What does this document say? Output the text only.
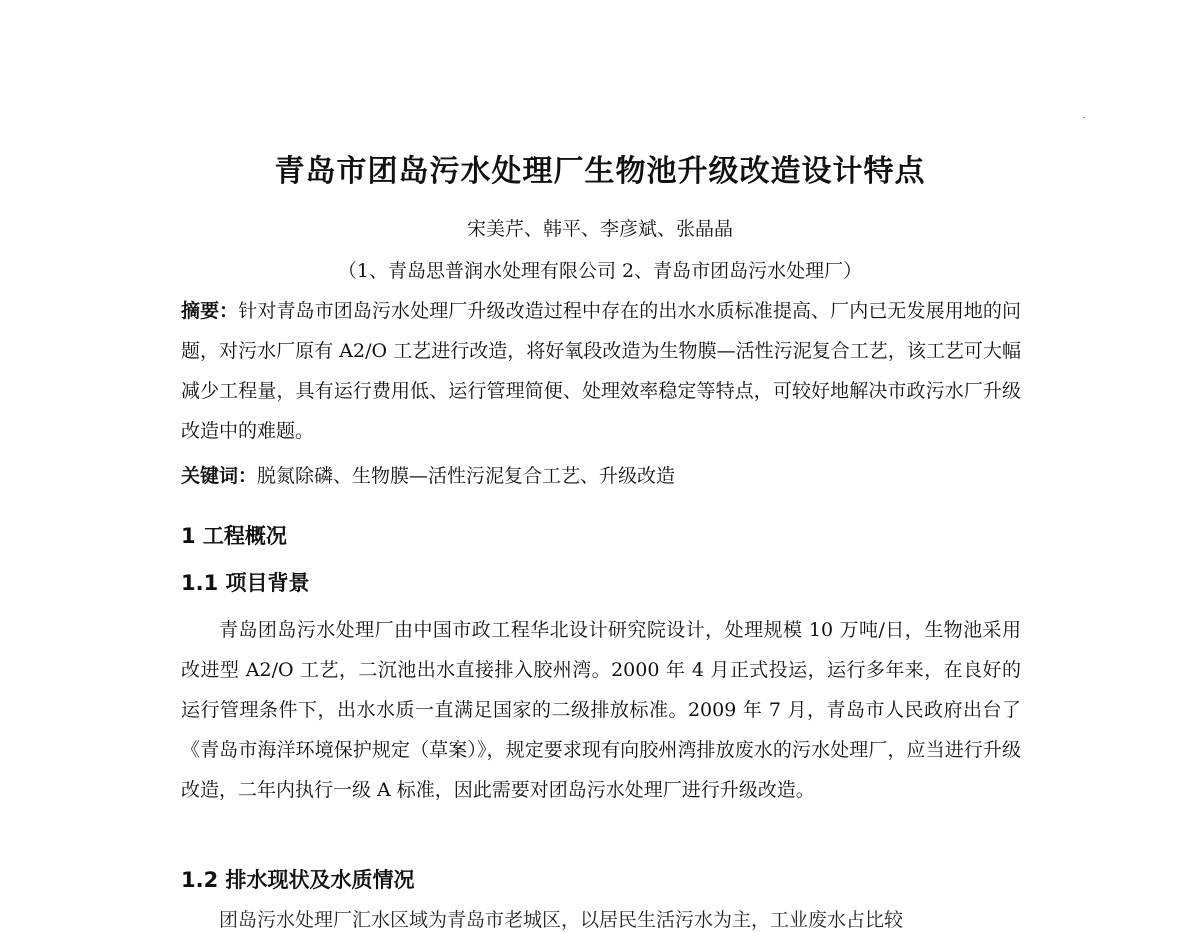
青岛市团岛污水处理厂生物池升级改造设计特点

宋美芹、韩平、李彦斌、张晶晶

（1、青岛思普润水处理有限公司 2、青岛市团岛污水处理厂）

摘要：针对青岛市团岛污水处理厂升级改造过程中存在的出水水质标准提高、厂内已无发展用地的问题，对污水厂原有 A2/O 工艺进行改造，将好氧段改造为生物膜—活性污泥复合工艺，该工艺可大幅减少工程量，具有运行费用低、运行管理简便、处理效率稳定等特点，可较好地解决市政污水厂升级改造中的难题。

关键词：脱氮除磷、生物膜—活性污泥复合工艺、升级改造

1 工程概况
1.1 项目背景

青岛团岛污水处理厂由中国市政工程华北设计研究院设计，处理规模 10 万吨/日，生物池采用改进型 A2/O 工艺，二沉池出水直接排入胶州湾。2000 年 4 月正式投运，运行多年来，在良好的运行管理条件下，出水水质一直满足国家的二级排放标准。2009 年 7 月，青岛市人民政府出台了《青岛市海洋环境保护规定（草案）》，规定要求现有向胶州湾排放废水的污水处理厂，应当进行升级改造，二年内执行一级 A 标准，因此需要对团岛污水处理厂进行升级改造。

1.2 排水现状及水质情况
团岛污水处理厂汇水区域为青岛市老城区，以居民生活污水为主，工业废水占比较
